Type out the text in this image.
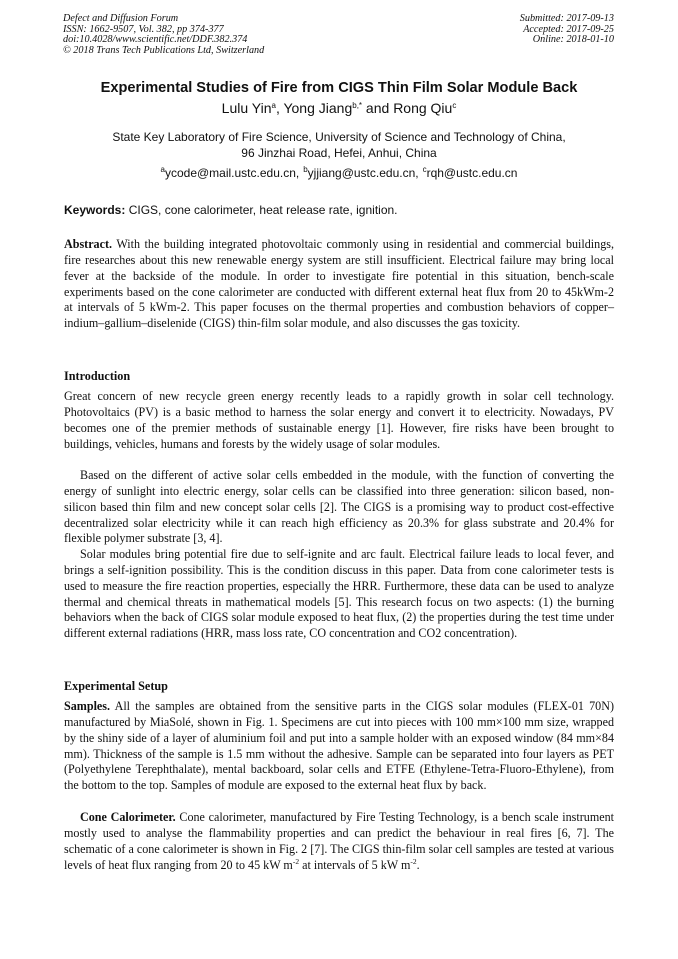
Defect and Diffusion Forum
ISSN: 1662-9507, Vol. 382, pp 374-377
doi:10.4028/www.scientific.net/DDF.382.374
© 2018 Trans Tech Publications Ltd, Switzerland
Submitted: 2017-09-13
Accepted: 2017-09-25
Online: 2018-01-10
Experimental Studies of Fire from CIGS Thin Film Solar Module Back
Lulu Yin$^a$, Yong Jiang$^{b,*}$ and Rong Qiu$^c$
State Key Laboratory of Fire Science, University of Science and Technology of China,
96 Jinzhai Road, Hefei, Anhui, China
$^a$ycode@mail.ustc.edu.cn, $^b$yjjiang@ustc.edu.cn, $^c$rqh@ustc.edu.cn
Keywords: CIGS, cone calorimeter, heat release rate, ignition.
Abstract. With the building integrated photovoltaic commonly using in residential and commercial buildings, fire researches about this new renewable energy system are still insufficient. Electrical failure may bring local fever at the backside of the module. In order to investigate fire potential in this situation, bench-scale experiments based on the cone calorimeter are conducted with different external heat flux from 20 to 45kWm-2 at intervals of 5 kWm-2. This paper focuses on the thermal properties and combustion behaviors of copper–indium–gallium–diselenide (CIGS) thin-film solar module, and also discusses the gas toxicity.
Introduction
Great concern of new recycle green energy recently leads to a rapidly growth in solar cell technology. Photovoltaics (PV) is a basic method to harness the solar energy and convert it to electricity. Nowadays, PV becomes one of the premier methods of sustainable energy [1]. However, fire risks have been brought to buildings, vehicles, humans and forests by the widely usage of solar modules.
Based on the different of active solar cells embedded in the module, with the function of converting the energy of sunlight into electric energy, solar cells can be classified into three generation: silicon based, non-silicon based thin film and new concept solar cells [2]. The CIGS is a promising way to product cost-effective decentralized solar electricity while it can reach high efficiency as 20.3% for glass substrate and 20.4% for flexible polymer substrate [3, 4].
Solar modules bring potential fire due to self-ignite and arc fault. Electrical failure leads to local fever, and brings a self-ignition possibility. This is the condition discuss in this paper. Data from cone calorimeter tests is used to measure the fire reaction properties, especially the HRR. Furthermore, these data can be used to analyze thermal and chemical threats in mathematical models [5]. This research focus on two aspects: (1) the burning behaviors when the back of CIGS solar module exposed to heat flux, (2) the properties during the test time under different external radiations (HRR, mass loss rate, CO concentration and CO2 concentration).
Experimental Setup
Samples. All the samples are obtained from the sensitive parts in the CIGS solar modules (FLEX-01 70N) manufactured by MiaSolé, shown in Fig. 1. Specimens are cut into pieces with 100 mm×100 mm size, wrapped by the shiny side of a layer of aluminium foil and put into a sample holder with an exposed window (84 mm×84 mm). Thickness of the sample is 1.5 mm without the adhesive. Sample can be separated into four layers as PET (Polyethylene Terephthalate), mental backboard, solar cells and ETFE (Ethylene-Tetra-Fluoro-Ethylene), from the bottom to the top. Samples of module are exposed to the external heat flux by back.
Cone Calorimeter. Cone calorimeter, manufactured by Fire Testing Technology, is a bench scale instrument mostly used to analyse the flammability properties and can predict the behaviour in real fires [6, 7]. The schematic of a cone calorimeter is shown in Fig. 2 [7]. The CIGS thin-film solar cell samples are tested at various levels of heat flux ranging from 20 to 45 kW $m^{-2}$ at intervals of 5 kW $m^{-2}$.
